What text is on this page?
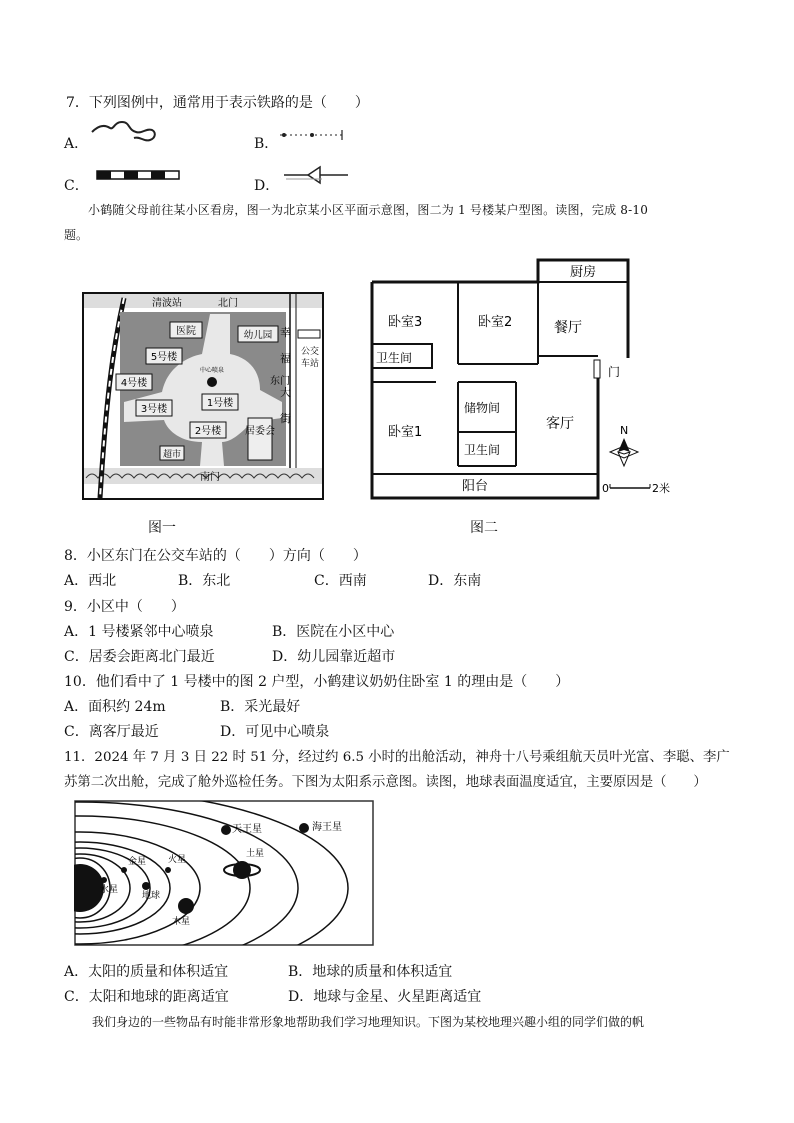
7．下列图例中，通常用于表示铁路的是（　　）
A．	B．
C．	D．
小鹤随父母前往某小区看房，图一为北京某小区平面示意图，图二为 1 号楼某户型图。读图，完成 8-10
题。
医院	幼儿园
5号楼
4号楼
3号楼
1号楼
2号楼
中心喷泉
居委会
超市
清波站	北门
东门
南门
幸福大街
公交车站
图一
厨房
卧室3	卧室2	餐厅
卫生间
门
储物间
卧室1
客厅
卫生间
阳台
N
0	2米
图二
8．小区东门在公交车站的（　　）方向（　　）
A．西北	B．东北	C．西南	D．东南
9．小区中（　　）
A．1 号楼紧邻中心喷泉	B．医院在小区中心
C．居委会距离北门最近	D．幼儿园靠近超市
10．他们看中了 1 号楼中的图 2 户型，小鹤建议奶奶住卧室 1 的理由是（　　）
A．面积约 24m	B．采光最好
C．离客厅最近	D．可见中心喷泉
11．2024 年 7 月 3 日 22 时 51 分，经过约 6.5 小时的出舱活动，神舟十八号乘组航天员叶光富、李聪、李广
苏第二次出舱，完成了舱外巡检任务。下图为太阳系示意图。读图，地球表面温度适宜，主要原因是（　　）
天王星	海王星
火星
土星
水星
金星
地球
木星
A．太阳的质量和体积适宜	B．地球的质量和体积适宜
C．太阳和地球的距离适宜	D．地球与金星、火星距离适宜
我们身边的一些物品有时能非常形象地帮助我们学习地理知识。下图为某校地理兴趣小组的同学们做的帆
